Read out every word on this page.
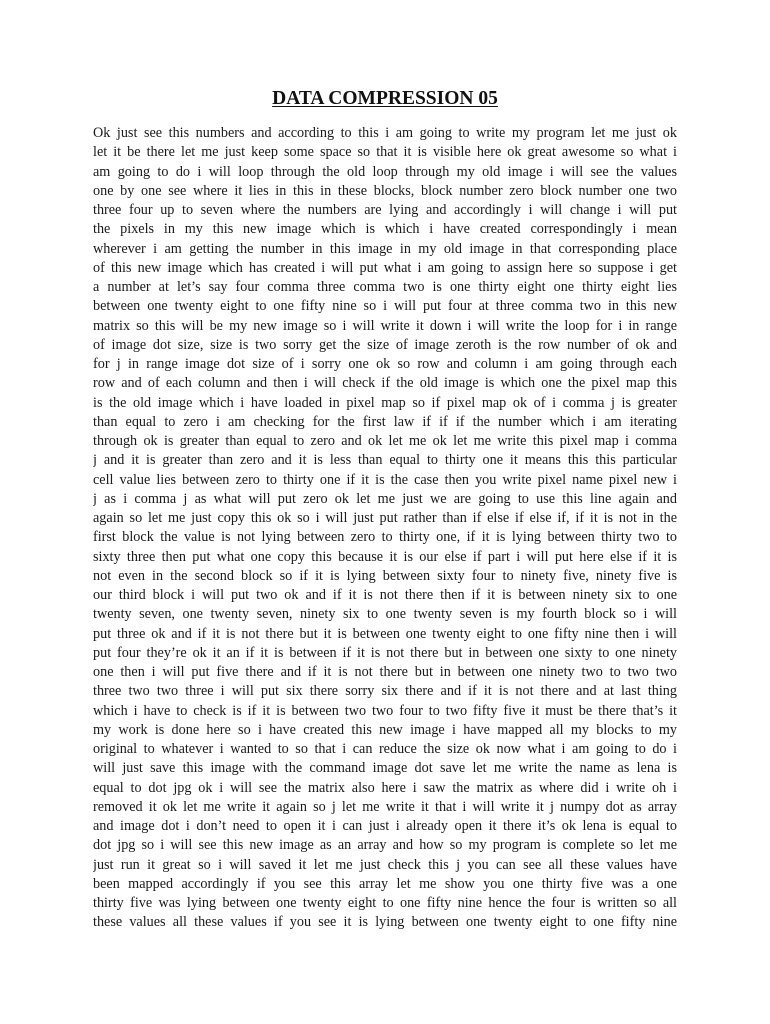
DATA COMPRESSION 05
Ok just see this numbers and according to this i am going to write my program let me just ok
let it be there let me just keep some space so that it is visible here ok great awesome so what i
am going to do i will loop through the old loop through my old image i will see the values
one by one see where it lies in this in these blocks, block number zero block number one two
three four up to seven where the numbers are lying and accordingly i will change i will put
the pixels in my this new image which is which i have created correspondingly i mean
wherever i am getting the number in this image in my old image in that corresponding place
of this new image which has created i will put what i am going to assign here so suppose i get
a number at let’s say four comma three comma two is one thirty eight one thirty eight lies
between one twenty eight to one fifty nine so i will put four at three comma two in this new
matrix so this will be my new image so i will write it down i will write the loop for i in range
of image dot size, size is two sorry get the size of image zeroth is the row number of ok and
for j in range image dot size of i sorry one ok so row and column i am going through each
row and of each column and then i will check if the old image is which one the pixel map this
is the old image which i have loaded in pixel map so if pixel map ok of i comma j is greater
than equal to zero i am checking for the first law if if if the number which i am iterating
through ok is greater than equal to zero and ok let me ok let me write this pixel map i comma
j and it is greater than zero and it is less than equal to thirty one it means this this particular
cell value lies between zero to thirty one if it is the case then you write pixel name pixel new i
j as i comma j as what will put zero ok let me just we are going to use this line again and
again so let me just copy this ok so i will just put rather than if else if else if, if it is not in the
first block the value is not lying between zero to thirty one, if it is lying between thirty two to
sixty three then put what one copy this because it is our else if part i will put here else if it is
not even in the second block so if it is lying between sixty four to ninety five, ninety five is
our third block i will put two ok and if it is not there then if it is between ninety six to one
twenty seven, one twenty seven, ninety six to one twenty seven is my fourth block so i will
put three ok and if it is not there but it is between one twenty eight to one fifty nine then i will
put four they’re ok it an if it is between if it is not there but in between one sixty to one ninety
one then i will put five there and if it is not there but in between one ninety two to two two
three two two three i will put six there sorry six there and if it is not there and at last thing
which i have to check is if it is between two two four to two fifty five it must be there that’s it
my work is done here so i have created this new image i have mapped all my blocks to my
original to whatever i wanted to so that i can reduce the size ok now what i am going to do i
will just save this image with the command image dot save let me write the name as lena is
equal to dot jpg ok i will see the matrix also here i saw the matrix as where did i write oh i
removed it ok let me write it again so j let me write it that i will write it j numpy dot as array
and image dot i don’t need to open it i can just i already open it there it’s ok lena is equal to
dot jpg so i will see this new image as an array and how so my program is complete so let me
just run it great so i will saved it let me just check this j you can see all these values have
been mapped accordingly if you see this array let me show you one thirty five was a one
thirty five was lying between one twenty eight to one fifty nine hence the four is written so all
these values all these values if you see it is lying between one twenty eight to one fifty nine
